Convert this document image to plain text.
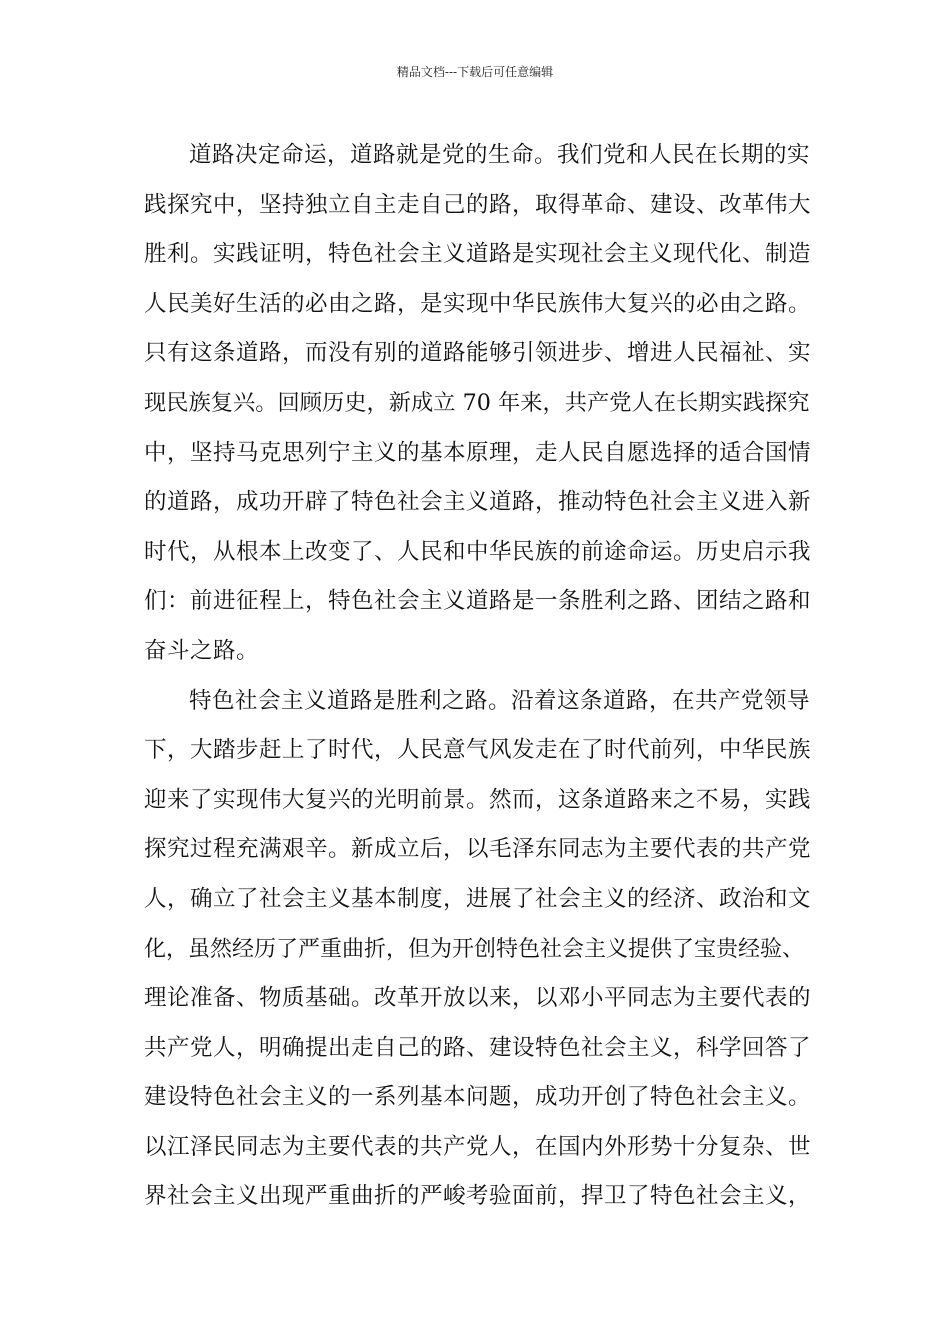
精品文档---下载后可任意编辑
道路决定命运，道路就是党的生命。我们党和人民在长期的实
践探究中，坚持独立自主走自己的路，取得革命、建设、改革伟大
胜利。实践证明，特色社会主义道路是实现社会主义现代化、制造
人民美好生活的必由之路，是实现中华民族伟大复兴的必由之路。
只有这条道路，而没有别的道路能够引领进步、增进人民福祉、实
现民族复兴。回顾历史，新成立 70 年来，共产党人在长期实践探究
中，坚持马克思列宁主义的基本原理，走人民自愿选择的适合国情
的道路，成功开辟了特色社会主义道路，推动特色社会主义进入新
时代，从根本上改变了、人民和中华民族的前途命运。历史启示我
们：前进征程上，特色社会主义道路是一条胜利之路、团结之路和
奋斗之路。
特色社会主义道路是胜利之路。沿着这条道路，在共产党领导
下，大踏步赶上了时代，人民意气风发走在了时代前列，中华民族
迎来了实现伟大复兴的光明前景。然而，这条道路来之不易，实践
探究过程充满艰辛。新成立后，以毛泽东同志为主要代表的共产党
人，确立了社会主义基本制度，进展了社会主义的经济、政治和文
化，虽然经历了严重曲折，但为开创特色社会主义提供了宝贵经验、
理论准备、物质基础。改革开放以来，以邓小平同志为主要代表的
共产党人，明确提出走自己的路、建设特色社会主义，科学回答了
建设特色社会主义的一系列基本问题，成功开创了特色社会主义。
以江泽民同志为主要代表的共产党人，在国内外形势十分复杂、世
界社会主义出现严重曲折的严峻考验面前，捍卫了特色社会主义，
